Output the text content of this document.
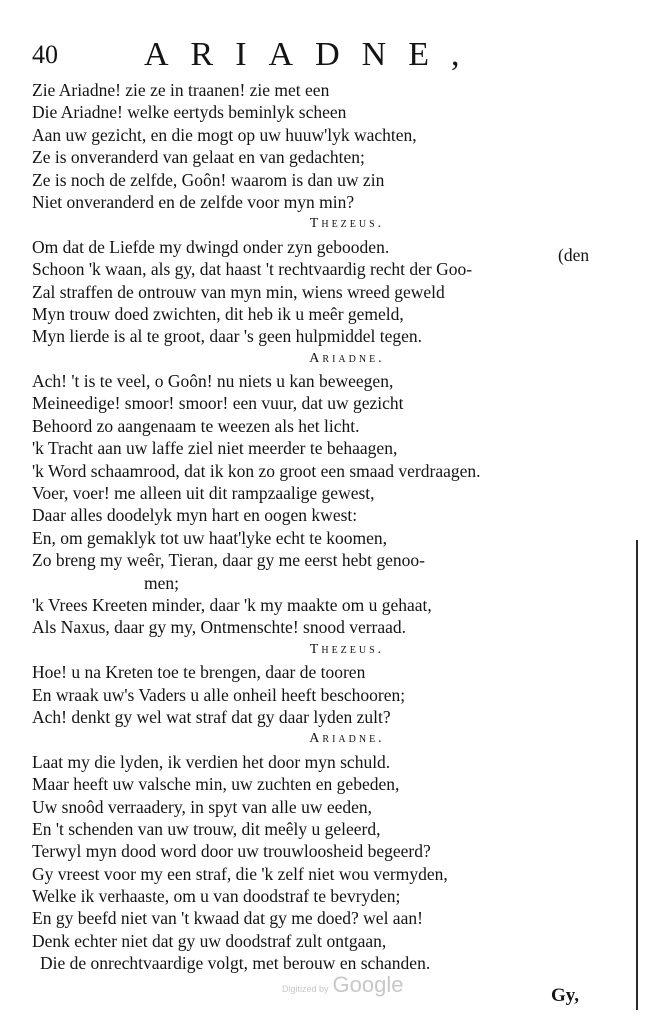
40	ARIADNE,
Zie Ariadne! zie ze in traanen! zie met een
Die Ariadne! welke eertyds beminlyk scheen
Aan uw gezicht, en die mogt op uw huuw'lyk wachten,
Ze is onveranderd van gelaat en van gedachten;
Ze is noch de zelfde, Goôn! waarom is dan uw zin
Niet onveranderd en de zelfde voor myn min?
Thezeus.
Om dat de Liefde my dwingd onder zyn gebooden.
Schoon 'k waan, als gy, dat haast 't rechtvaardig recht der Goo-
Zal straffen de ontrouw van myn min, wiens wreed geweld
Myn trouw doed zwichten, dit heb ik u meêr gemeld,
Myn lierde is al te groot, daar 's geen hulpmiddel tegen.
Ariadne.
Ach! 't is te veel, o Goôn! nu niets u kan beweegen,
Meineedige! smoor! smoor! een vuur, dat uw gezicht
Behoord zo aangenaam te weezen als het licht.
'k Tracht aan uw laffe ziel niet meerder te behaagen,
'k Word schaamrood, dat ik kon zo groot een smaad verdraagen.
Voer, voer! me alleen uit dit rampzaalige gewest,
Daar alles doodelyk myn hart en oogen kwest:
En, om gemaklyk tot uw haat'lyke echt te koomen,
Zo breng my weêr, Tieran, daar gy me eerst hebt genoo-
men;
'k Vrees Kreeten minder, daar 'k my maakte om u gehaat,
Als Naxus, daar gy my, Ontmenschte! snood verraad.
Thezeus.
Hoe! u na Kreten toe te brengen, daar de tooren
En wraak uw's Vaders u alle onheil heeft beschooren;
Ach! denkt gy wel wat straf dat gy daar lyden zult?
Ariadne.
Laat my die lyden, ik verdien het door myn schuld.
Maar heeft uw valsche min, uw zuchten en gebeden,
Uw snoôd verraadery, in spyt van alle uw eeden,
En 't schenden van uw trouw, dit meêly u geleerd,
Terwyl myn dood word door uw trouwloosheid begeerd?
Gy vreest voor my een straf, die 'k zelf niet wou vermyden,
Welke ik verhaaste, om u van doodstraf te bevryden;
En gy beefd niet van 't kwaad dat gy me doed? wel aan!
Denk echter niet dat gy uw doodstraf zult ontgaan,
Die de onrechtvaardige volgt, met berouw en schanden.
(den
Digitized by Google	Gy,
